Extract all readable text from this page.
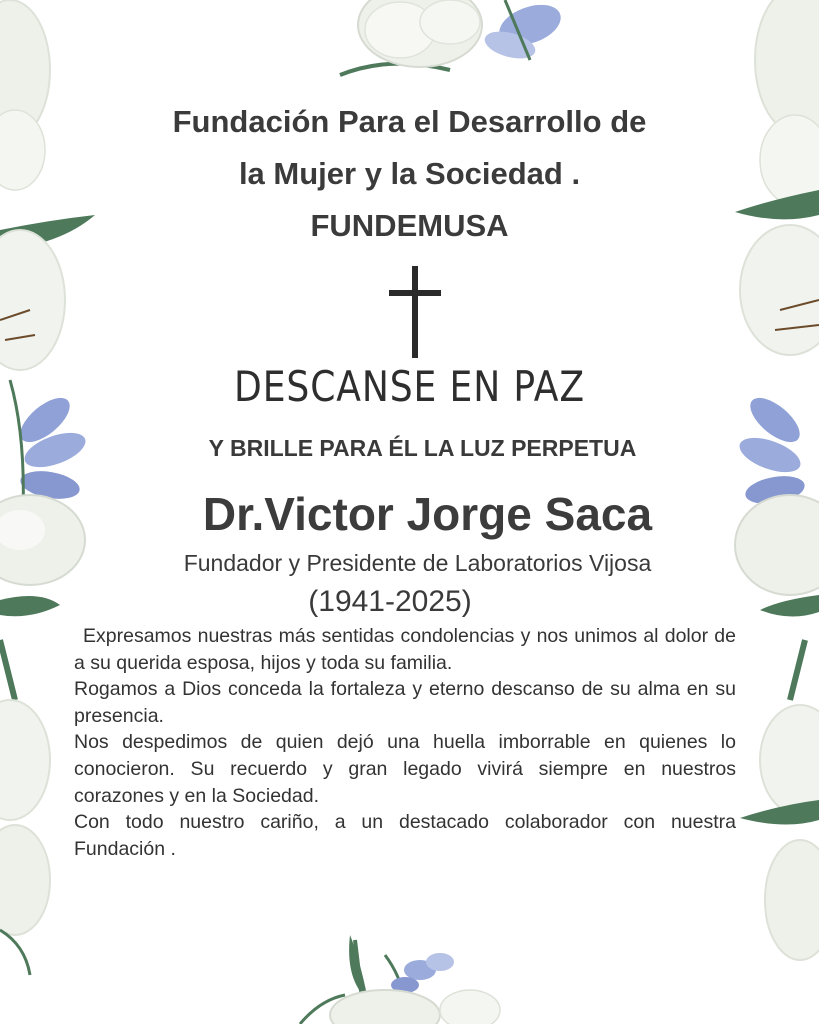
Fundación Para el Desarrollo de
la Mujer y la Sociedad .
FUNDEMUSA
DESCANSE EN PAZ
Y BRILLE PARA ÉL LA LUZ PERPETUA
Dr.Victor Jorge Saca
Fundador y Presidente de Laboratorios Vijosa
(1941-2025)

Expresamos nuestras más sentidas condolencias y nos unimos al dolor de a su querida esposa, hijos y toda su familia.

Rogamos a Dios conceda la fortaleza y eterno descanso de su alma en su presencia.

Nos despedimos de quien dejó una huella imborrable en quienes lo conocieron. Su recuerdo y gran legado vivirá siempre en nuestros corazones y en la Sociedad.

Con todo nuestro cariño, a un destacado colaborador con nuestra Fundación .
